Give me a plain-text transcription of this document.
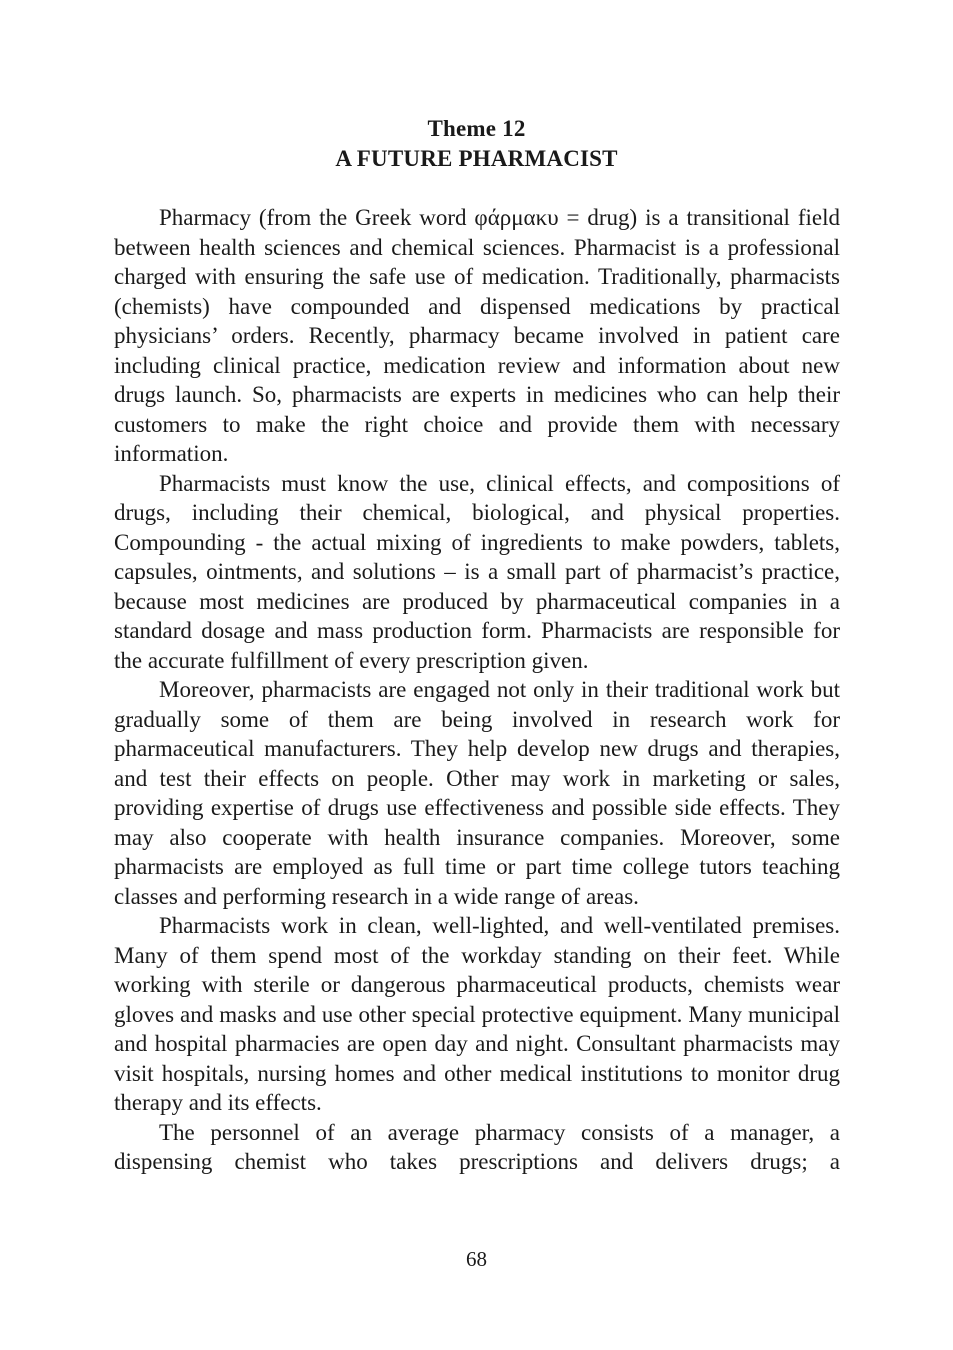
Theme 12
A FUTURE PHARMACIST

Pharmacy (from the Greek word φάρμακυ = drug) is a transitional field between health sciences and chemical sciences. Pharmacist is a professional charged with ensuring the safe use of medication. Traditionally, pharmacists (chemists) have compounded and dispensed medications by practical physicians’ orders. Recently, pharmacy became involved in patient care including clinical practice, medication review and information about new drugs launch. So, pharmacists are experts in medicines who can help their customers to make the right choice and provide them with necessary information.

Pharmacists must know the use, clinical effects, and compositions of drugs, including their chemical, biological, and physical properties. Compounding - the actual mixing of ingredients to make powders, tablets, capsules, ointments, and solutions – is a small part of pharmacist’s practice, because most medicines are produced by pharmaceutical companies in a standard dosage and mass production form. Pharmacists are responsible for the accurate fulfillment of every prescription given.

Moreover, pharmacists are engaged not only in their traditional work but gradually some of them are being involved in research work for pharmaceutical manufacturers. They help develop new drugs and therapies, and test their effects on people. Other may work in marketing or sales, providing expertise of drugs use effectiveness and possible side effects. They may also cooperate with health insurance companies. Moreover, some pharmacists are employed as full time or part time college tutors teaching classes and performing research in a wide range of areas.

Pharmacists work in clean, well-lighted, and well-ventilated premises. Many of them spend most of the workday standing on their feet. While working with sterile or dangerous pharmaceutical products, chemists wear gloves and masks and use other special protective equipment. Many municipal and hospital pharmacies are open day and night. Consultant pharmacists may visit hospitals, nursing homes and other medical institutions to monitor drug therapy and its effects.

The personnel of an average pharmacy consists of a manager, a dispensing chemist who takes prescriptions and delivers drugs; a

68
